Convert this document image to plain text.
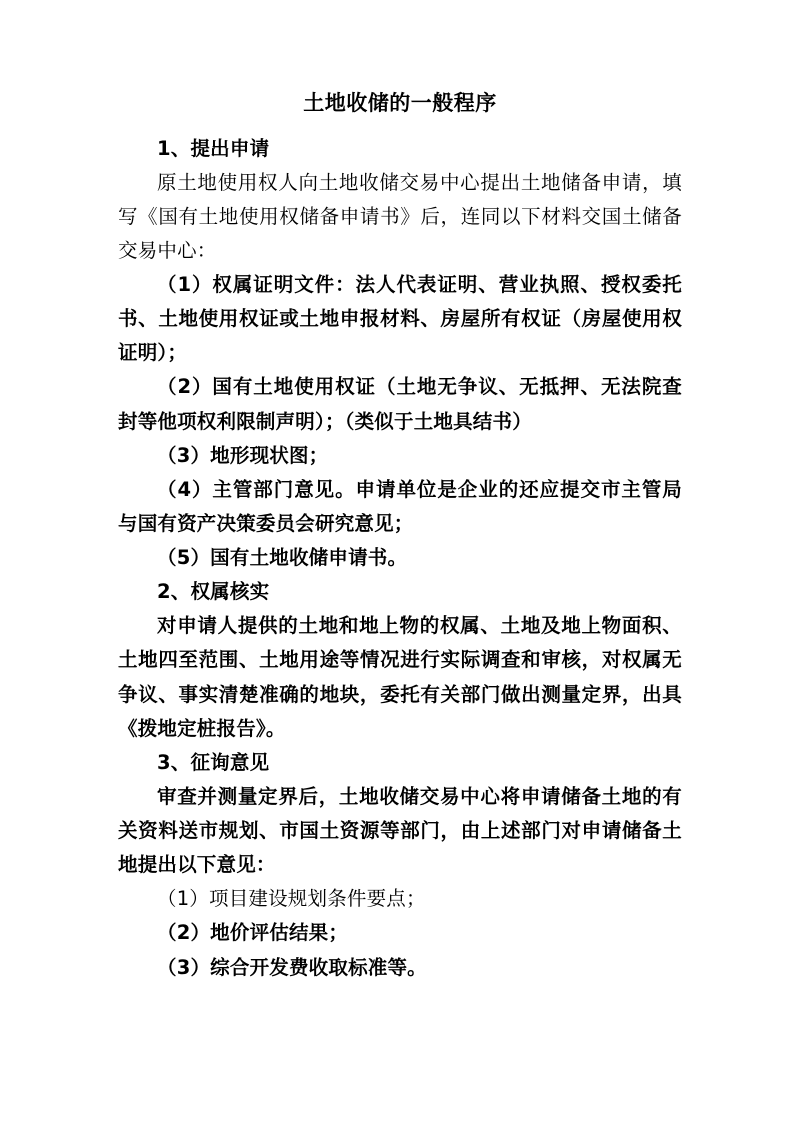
土地收储的一般程序

1、提出申请

原土地使用权人向土地收储交易中心提出土地储备申请，填写《国有土地使用权储备申请书》后，连同以下材料交国土储备交易中心：

（1）权属证明文件：法人代表证明、营业执照、授权委托书、土地使用权证或土地申报材料、房屋所有权证（房屋使用权证明）；

（2）国有土地使用权证（土地无争议、无抵押、无法院查封等他项权利限制声明）；（类似于土地具结书）

（3）地形现状图；

（4）主管部门意见。申请单位是企业的还应提交市主管局与国有资产决策委员会研究意见；

（5）国有土地收储申请书。

2、权属核实

对申请人提供的土地和地上物的权属、土地及地上物面积、土地四至范围、土地用途等情况进行实际调查和审核，对权属无争议、事实清楚准确的地块，委托有关部门做出测量定界，出具《拨地定桩报告》。

3、征询意见

审查并测量定界后，土地收储交易中心将申请储备土地的有关资料送市规划、市国土资源等部门，由上述部门对申请储备土地提出以下意见：

（1）项目建设规划条件要点；

（2）地价评估结果；

（3）综合开发费收取标准等。
